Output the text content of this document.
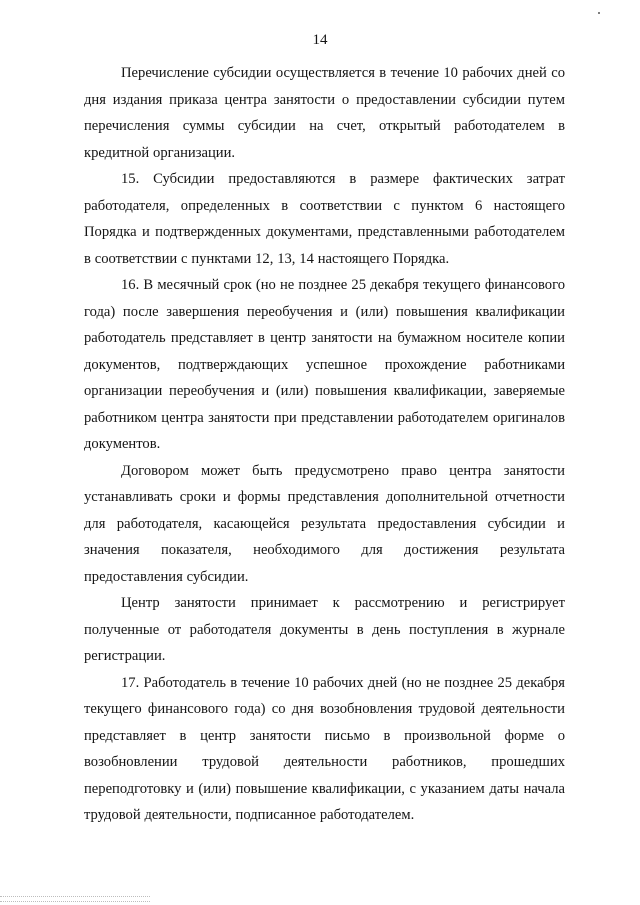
14

Перечисление субсидии осуществляется в течение 10 рабочих дней со дня издания приказа центра занятости о предоставлении субсидии путем перечисления суммы субсидии на счет, открытый работодателем в кредитной организации.

15. Субсидии предоставляются в размере фактических затрат работодателя, определенных в соответствии с пунктом 6 настоящего Порядка и подтвержденных документами, представленными работодателем в соответствии с пунктами 12, 13, 14 настоящего Порядка.

16. В месячный срок (но не позднее 25 декабря текущего финансового года) после завершения переобучения и (или) повышения квалификации работодатель представляет в центр занятости на бумажном носителе копии документов, подтверждающих успешное прохождение работниками организации переобучения и (или) повышения квалификации, заверяемые работником центра занятости при представлении работодателем оригиналов документов.

Договором может быть предусмотрено право центра занятости устанавливать сроки и формы представления дополнительной отчетности для работодателя, касающейся результата предоставления субсидии и значения показателя, необходимого для достижения результата предоставления субсидии.

Центр занятости принимает к рассмотрению и регистрирует полученные от работодателя документы в день поступления в журнале регистрации.

17. Работодатель в течение 10 рабочих дней (но не позднее 25 декабря текущего финансового года) со дня возобновления трудовой деятельности представляет в центр занятости письмо в произвольной форме о возобновлении трудовой деятельности работников, прошедших переподготовку и (или) повышение квалификации, с указанием даты начала трудовой деятельности, подписанное работодателем.
